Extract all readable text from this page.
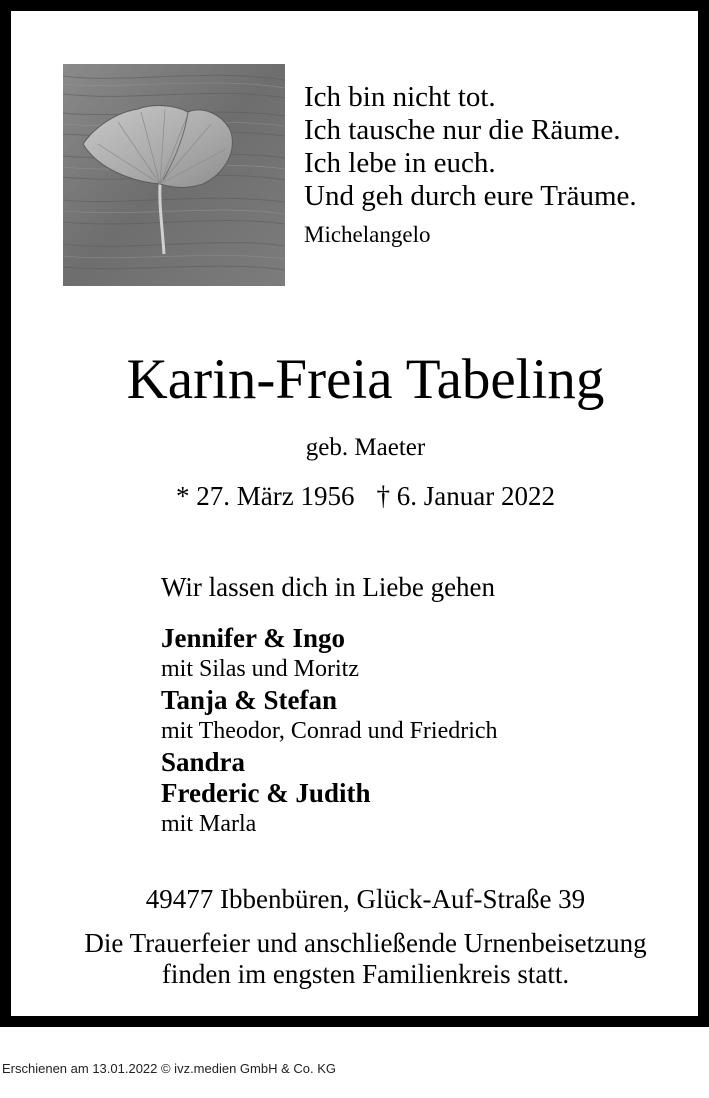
Ich bin nicht tot.
Ich tausche nur die Räume.
Ich lebe in euch.
Und geh durch eure Träume.
Michelangelo
Karin-Freia Tabeling
geb. Maeter
* 27. März 1956 † 6. Januar 2022
Wir lassen dich in Liebe gehen
Jennifer & Ingo
mit Silas und Moritz
Tanja & Stefan
mit Theodor, Conrad und Friedrich
Sandra
Frederic & Judith
mit Marla
49477 Ibbenbüren, Glück-Auf-Straße 39
Die Trauerfeier und anschließende Urnenbeisetzung
finden im engsten Familienkreis statt.
Erschienen am 13.01.2022 © ivz.medien GmbH & Co. KG
